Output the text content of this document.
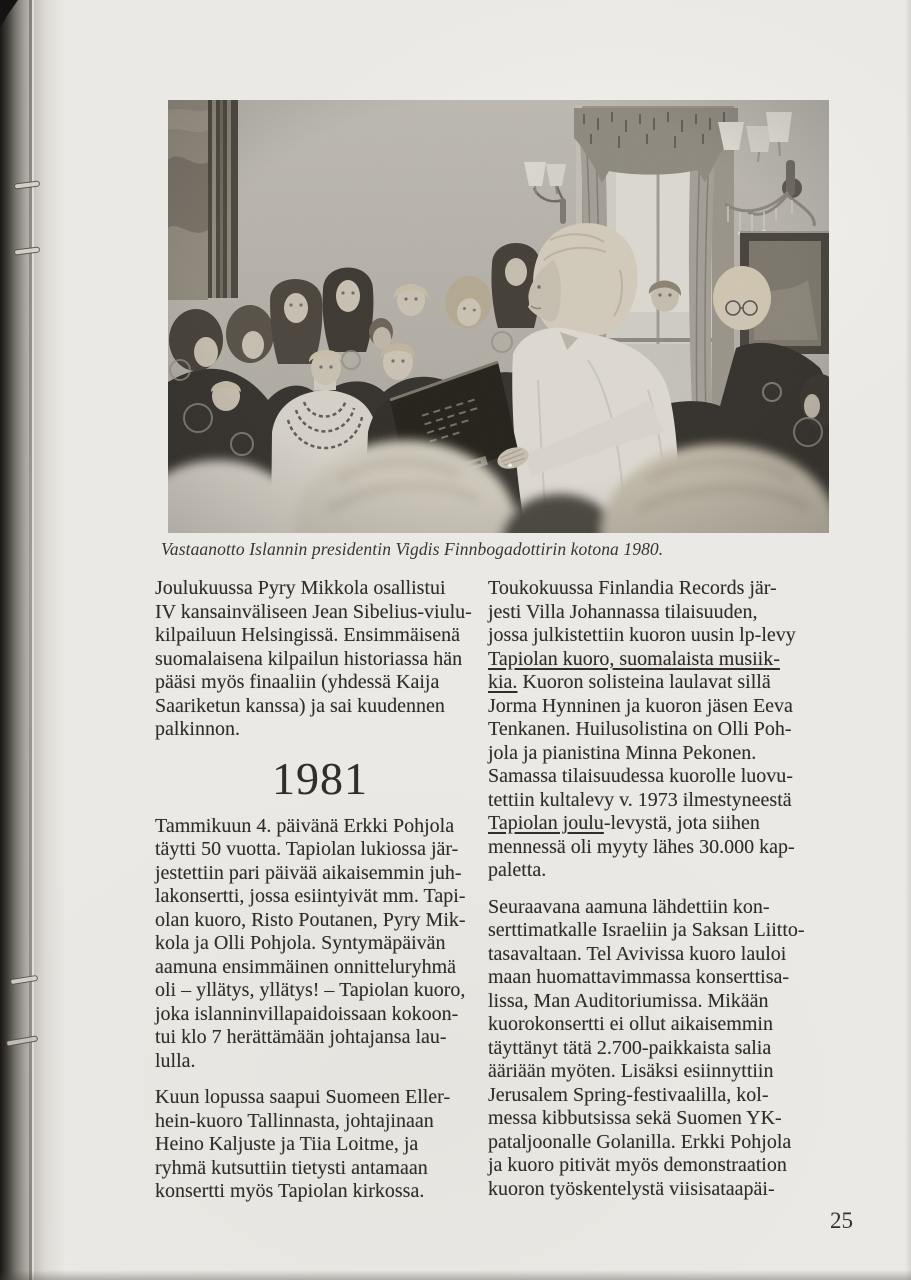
Vastaanotto Islannin presidentin Vigdis Finnbogadottirin kotona 1980.
Joulukuussa Pyry Mikkola osallistui
IV kansainväliseen Jean Sibelius-viulu-
kilpailuun Helsingissä. Ensimmäisenä
suomalaisena kilpailun historiassa hän
pääsi myös finaaliin (yhdessä Kaija
Saariketun kanssa) ja sai kuudennen
palkinnon.
1981
Tammikuun 4. päivänä Erkki Pohjola
täytti 50 vuotta. Tapiolan lukiossa jär-
jestettiin pari päivää aikaisemmin juh-
lakonsertti, jossa esiintyivät mm. Tapi-
olan kuoro, Risto Poutanen, Pyry Mik-
kola ja Olli Pohjola. Syntymäpäivän
aamuna ensimmäinen onnitteluryhmä
oli – yllätys, yllätys! – Tapiolan kuoro,
joka islanninvillapaidoissaan kokoon-
tui klo 7 herättämään johtajansa lau-
lulla.
Kuun lopussa saapui Suomeen Eller-
hein-kuoro Tallinnasta, johtajinaan
Heino Kaljuste ja Tiia Loitme, ja
ryhmä kutsuttiin tietysti antamaan
konsertti myös Tapiolan kirkossa.
Toukokuussa Finlandia Records jär-
jesti Villa Johannassa tilaisuuden,
jossa julkistettiin kuoron uusin lp-levy
Tapiolan kuoro, suomalaista musiik-
kia. Kuoron solisteina laulavat sillä
Jorma Hynninen ja kuoron jäsen Eeva
Tenkanen. Huilusolistina on Olli Poh-
jola ja pianistina Minna Pekonen.
Samassa tilaisuudessa kuorolle luovu-
tettiin kultalevy v. 1973 ilmestyneestä
Tapiolan joulu-levystä, jota siihen
mennessä oli myyty lähes 30.000 kap-
paletta.
Seuraavana aamuna lähdettiin kon-
serttimatkalle Israeliin ja Saksan Liitto-
tasavaltaan. Tel Avivissa kuoro lauloi
maan huomattavimmassa konserttisa-
lissa, Man Auditoriumissa. Mikään
kuorokonsertti ei ollut aikaisemmin
täyttänyt tätä 2.700-paikkaista salia
ääriään myöten. Lisäksi esiinnyttiin
Jerusalem Spring-festivaalilla, kol-
messa kibbutsissa sekä Suomen YK-
pataljoonalle Golanilla. Erkki Pohjola
ja kuoro pitivät myös demonstraation
kuoron työskentelystä viisisataapäi-
25
